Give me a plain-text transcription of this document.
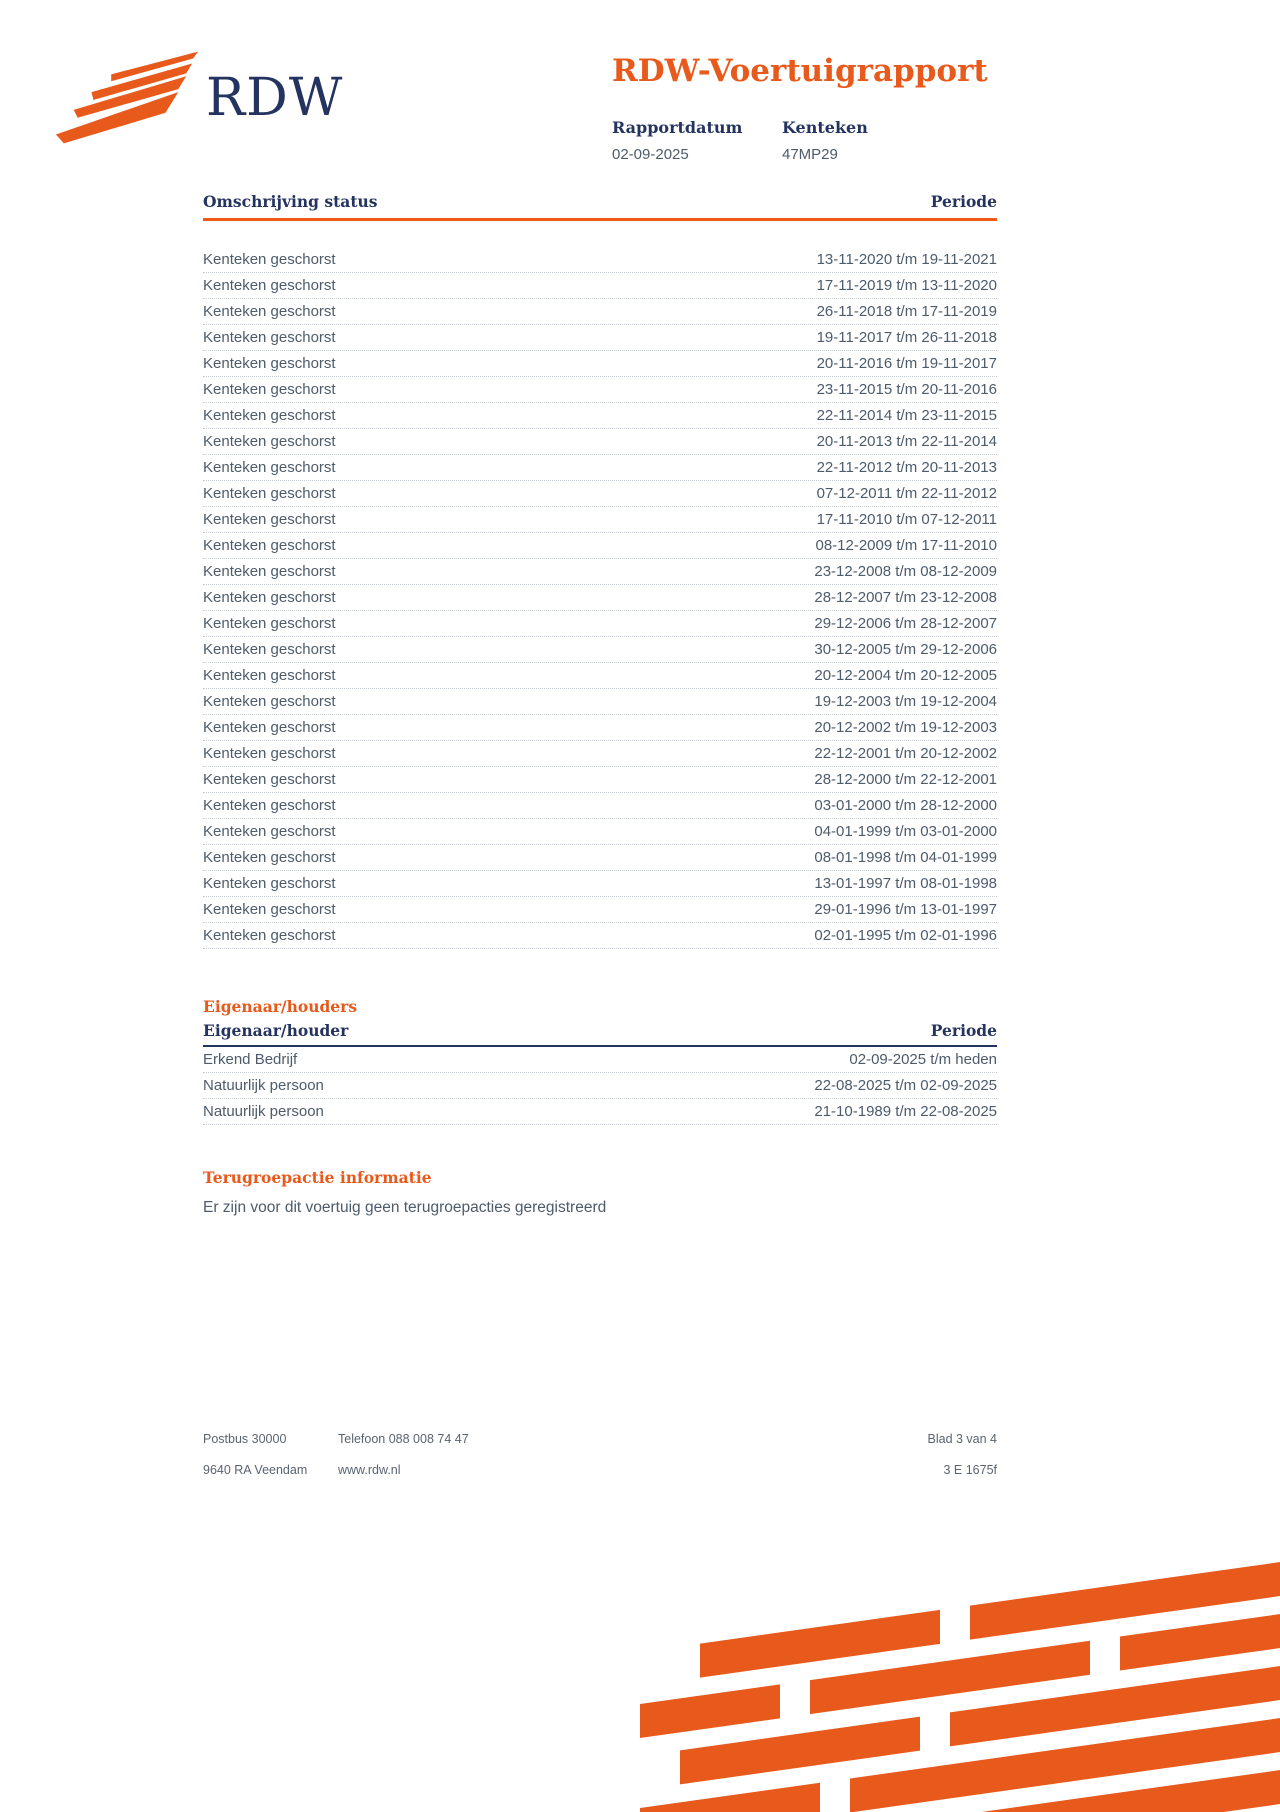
RDW	RDW-Voertuigrapport
Rapportdatum
02-09-2025
Kenteken
47MP29
Omschrijving status	Periode
Kenteken geschorst	13-11-2020 t/m 19-11-2021
Kenteken geschorst	17-11-2019 t/m 13-11-2020
Kenteken geschorst	26-11-2018 t/m 17-11-2019
Kenteken geschorst	19-11-2017 t/m 26-11-2018
Kenteken geschorst	20-11-2016 t/m 19-11-2017
Kenteken geschorst	23-11-2015 t/m 20-11-2016
Kenteken geschorst	22-11-2014 t/m 23-11-2015
Kenteken geschorst	20-11-2013 t/m 22-11-2014
Kenteken geschorst	22-11-2012 t/m 20-11-2013
Kenteken geschorst	07-12-2011 t/m 22-11-2012
Kenteken geschorst	17-11-2010 t/m 07-12-2011
Kenteken geschorst	08-12-2009 t/m 17-11-2010
Kenteken geschorst	23-12-2008 t/m 08-12-2009
Kenteken geschorst	28-12-2007 t/m 23-12-2008
Kenteken geschorst	29-12-2006 t/m 28-12-2007
Kenteken geschorst	30-12-2005 t/m 29-12-2006
Kenteken geschorst	20-12-2004 t/m 20-12-2005
Kenteken geschorst	19-12-2003 t/m 19-12-2004
Kenteken geschorst	20-12-2002 t/m 19-12-2003
Kenteken geschorst	22-12-2001 t/m 20-12-2002
Kenteken geschorst	28-12-2000 t/m 22-12-2001
Kenteken geschorst	03-01-2000 t/m 28-12-2000
Kenteken geschorst	04-01-1999 t/m 03-01-2000
Kenteken geschorst	08-01-1998 t/m 04-01-1999
Kenteken geschorst	13-01-1997 t/m 08-01-1998
Kenteken geschorst	29-01-1996 t/m 13-01-1997
Kenteken geschorst	02-01-1995 t/m 02-01-1996
Eigenaar/houders
Eigenaar/houder	Periode
Erkend Bedrijf	02-09-2025 t/m heden
Natuurlijk persoon	22-08-2025 t/m 02-09-2025
Natuurlijk persoon	21-10-1989 t/m 22-08-2025
Terugroepactie informatie
Er zijn voor dit voertuig geen terugroepacties geregistreerd
Postbus 30000	Telefoon 088 008 74 47	Blad 3 van 4
9640 RA Veendam	www.rdw.nl	3 E 1675f
